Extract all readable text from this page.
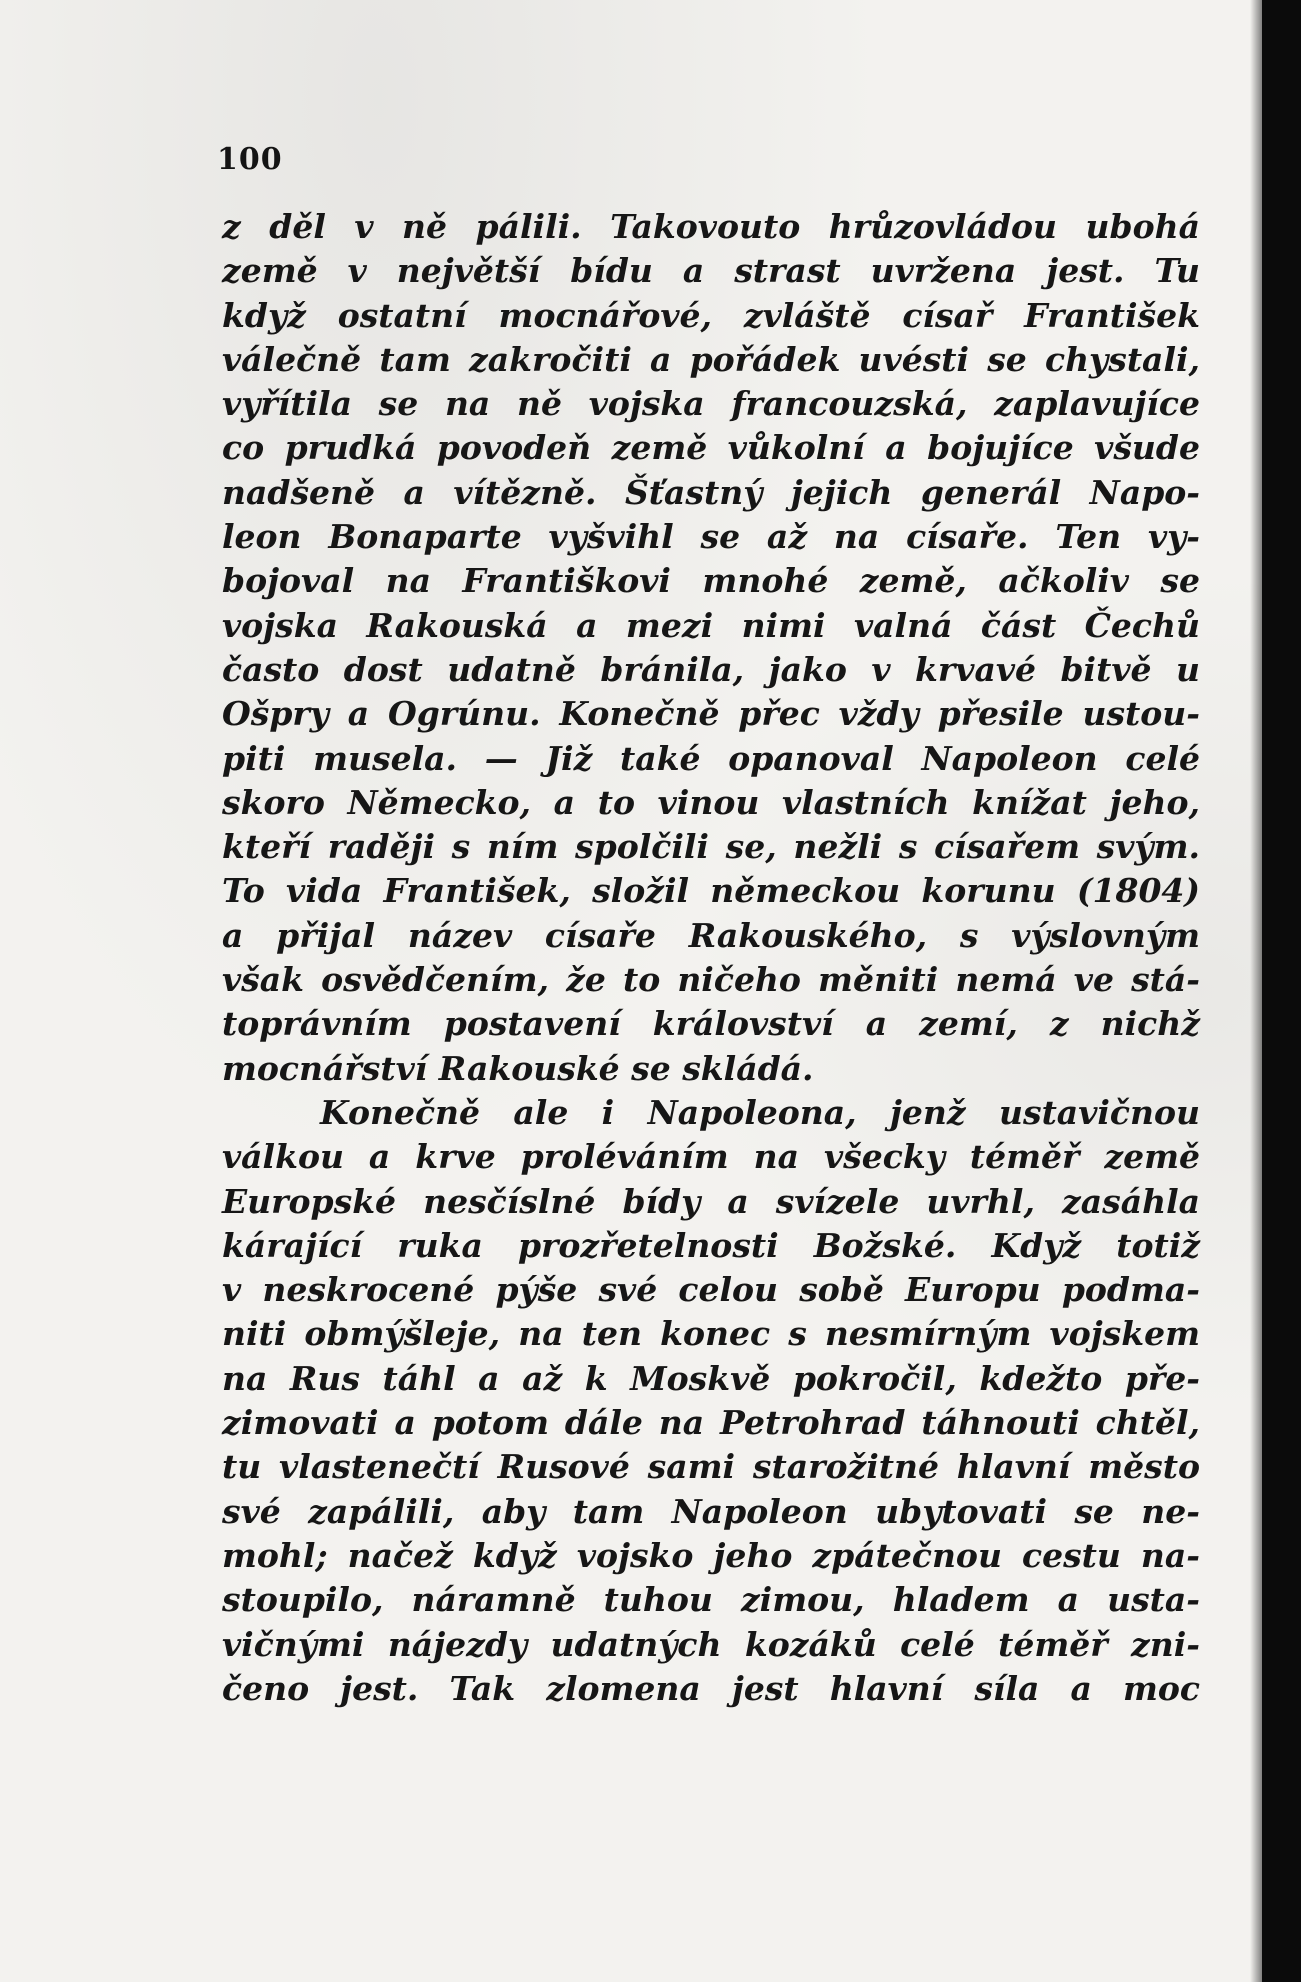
100
z děl v ně pálili. Takovouto hrůzovládou ubohá
země v největší bídu a strast uvržena jest. Tu
když ostatní mocnářové, zvláště císař František
válečně tam zakročiti a pořádek uvésti se chystali,
vyřítila se na ně vojska francouzská, zaplavujíce
co prudká povodeň země vůkolní a bojujíce všude
nadšeně a vítězně. Šťastný jejich generál Napo-
leon Bonaparte vyšvihl se až na císaře. Ten vy-
bojoval na Františkovi mnohé země, ačkoliv se
vojska Rakouská a mezi nimi valná část Čechů
často dost udatně bránila, jako v krvavé bitvě u
Ošpry a Ogrúnu. Konečně přec vždy přesile ustou-
piti musela. — Již také opanoval Napoleon celé
skoro Německo, a to vinou vlastních knížat jeho,
kteří raději s ním spolčili se, nežli s císařem svým.
To vida František, složil německou korunu (1804)
a přijal název císaře Rakouského, s výslovným
však osvědčením, že to ničeho měniti nemá ve stá-
toprávním postavení království a zemí, z nichž
mocnářství Rakouské se skládá.
Konečně ale i Napoleona, jenž ustavičnou
válkou a krve proléváním na všecky téměř země
Europské nesčíslné bídy a svízele uvrhl, zasáhla
kárající ruka prozřetelnosti Božské. Když totiž
v neskrocené pýše své celou sobě Europu podma-
niti obmýšleje, na ten konec s nesmírným vojskem
na Rus táhl a až k Moskvě pokročil, kdežto pře-
zimovati a potom dále na Petrohrad táhnouti chtěl,
tu vlastenečtí Rusové sami starožitné hlavní město
své zapálili, aby tam Napoleon ubytovati se ne-
mohl; načež když vojsko jeho zpátečnou cestu na-
stoupilo, náramně tuhou zimou, hladem a usta-
vičnými nájezdy udatných kozáků celé téměř zni-
čeno jest. Tak zlomena jest hlavní síla a moc
